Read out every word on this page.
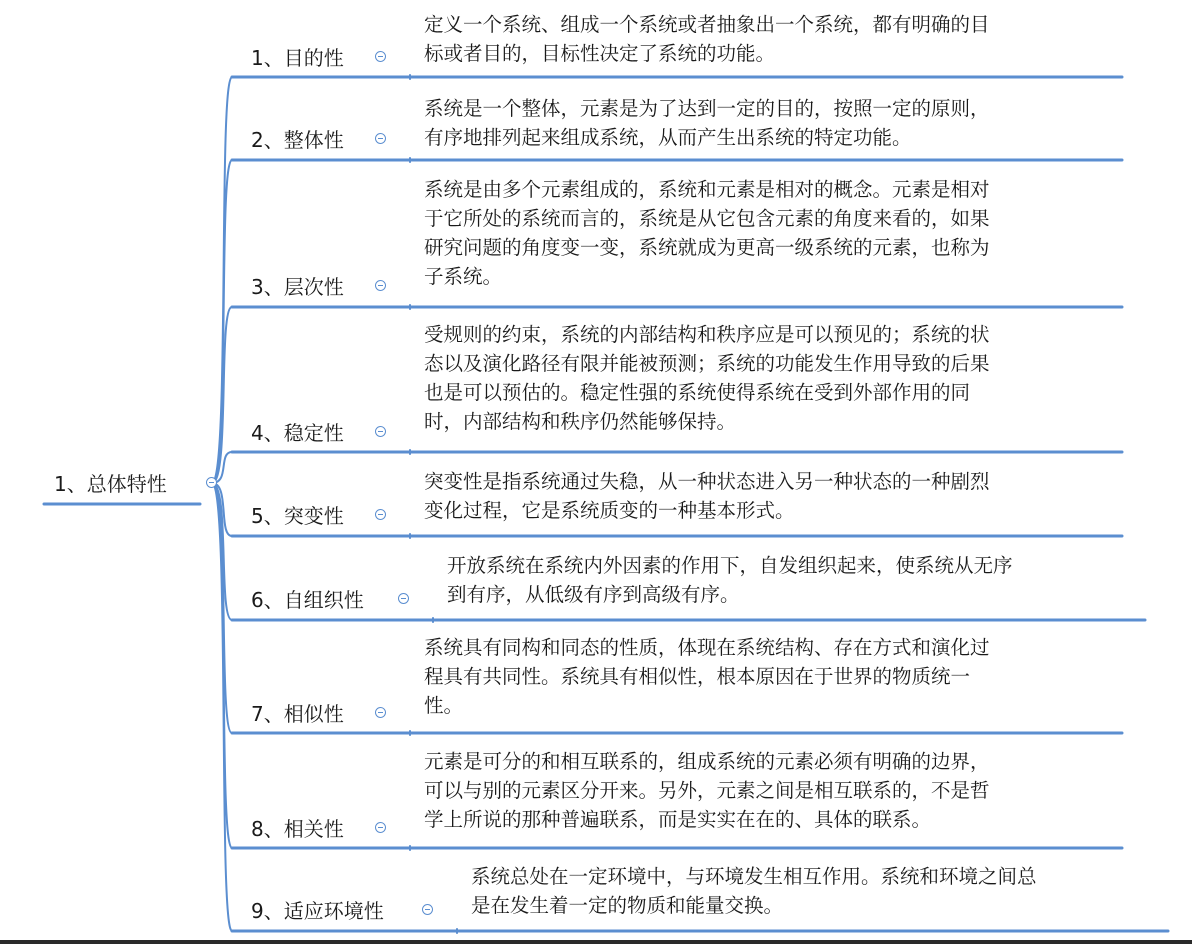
1、总体特性
1、目的性
定义一个系统、组成一个系统或者抽象出一个系统，都有明确的目
标或者目的，目标性决定了系统的功能。
2、整体性
系统是一个整体，元素是为了达到一定的目的，按照一定的原则，
有序地排列起来组成系统，从而产生出系统的特定功能。
3、层次性
系统是由多个元素组成的，系统和元素是相对的概念。元素是相对
于它所处的系统而言的，系统是从它包含元素的角度来看的，如果
研究问题的角度变一变，系统就成为更高一级系统的元素，也称为
子系统。
4、稳定性
受规则的约束，系统的内部结构和秩序应是可以预见的；系统的状
态以及演化路径有限并能被预测；系统的功能发生作用导致的后果
也是可以预估的。稳定性强的系统使得系统在受到外部作用的同
时，内部结构和秩序仍然能够保持。
5、突变性
突变性是指系统通过失稳，从一种状态进入另一种状态的一种剧烈
变化过程，它是系统质变的一种基本形式。
6、自组织性
开放系统在系统内外因素的作用下，自发组织起来，使系统从无序
到有序，从低级有序到高级有序。
7、相似性
系统具有同构和同态的性质，体现在系统结构、存在方式和演化过
程具有共同性。系统具有相似性，根本原因在于世界的物质统一
性。
8、相关性
元素是可分的和相互联系的，组成系统的元素必须有明确的边界，
可以与别的元素区分开来。另外，元素之间是相互联系的，不是哲
学上所说的那种普遍联系，而是实实在在的、具体的联系。
9、适应环境性
系统总处在一定环境中，与环境发生相互作用。系统和环境之间总
是在发生着一定的物质和能量交换。
